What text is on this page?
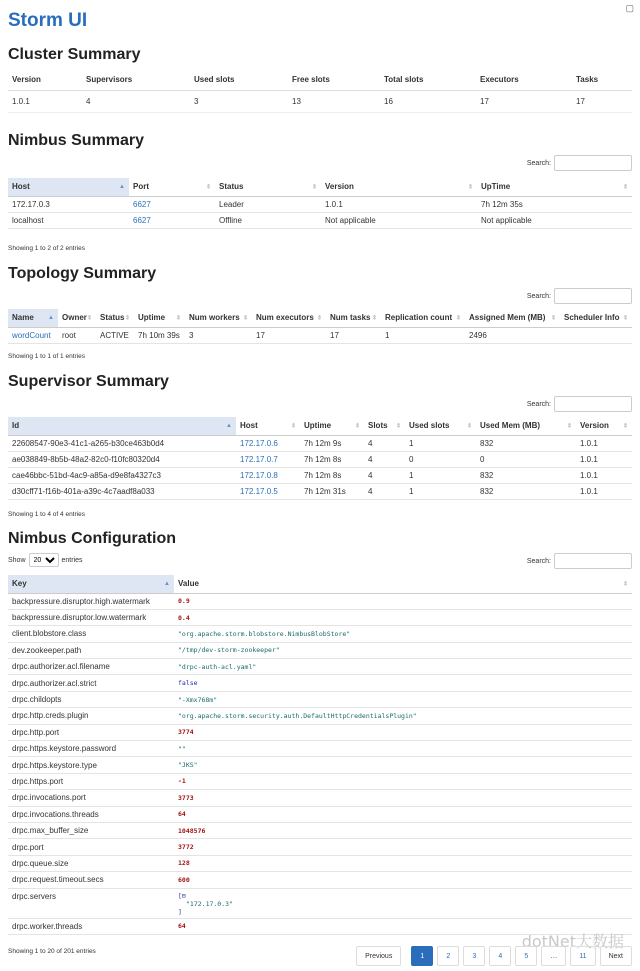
Storm UI
▢
Cluster Summary
Version	Supervisors	Used slots	Free slots	Total slots	Executors	Tasks
1.0.1	4	3	13	16	17	17
Nimbus Summary
Search:
Host ▲	Port ⇕	Status ⇕	Version ⇕	UpTime ⇕

172.17.0.3	6627	Leader	1.0.1	7h 12m 35s
localhost	6627	Offline	Not applicable	Not applicable
Showing 1 to 2 of 2 entries
Topology Summary
Search:
Name ▲	Owner ⇕	Status ⇕	Uptime ⇕	Num workers ⇕	Num executors ⇕	Num tasks ⇕	Replication count ⇕	Assigned Mem (MB) ⇕	Scheduler Info ⇕

wordCount	root	ACTIVE	7h 10m 39s	3	17	17	1	2496	
Showing 1 to 1 of 1 entries
Supervisor Summary
Search:
Id ▲	Host ⇕	Uptime ⇕	Slots ⇕	Used slots ⇕	Used Mem (MB) ⇕	Version ⇕

22608547-90e3-41c1-a265-b30ce463b0d4	172.17.0.6	7h 12m 9s	4	1	832	1.0.1
ae038849-8b5b-48a2-82c0-f10fc80320d4	172.17.0.7	7h 12m 8s	4	0	0	1.0.1
cae46bbc-51bd-4ac9-a85a-d9e8fa4327c3	172.17.0.8	7h 12m 8s	4	1	832	1.0.1
d30cff71-f16b-401a-a39c-4c7aadf8a033	172.17.0.5	7h 12m 31s	4	1	832	1.0.1
Showing 1 to 4 of 4 entries
Nimbus Configuration
Show
20	entries	Search:
Key ▲	Value ⇕

backpressure.disruptor.high.watermark	0.9
backpressure.disruptor.low.watermark	0.4
client.blobstore.class	"org.apache.storm.blobstore.NimbusBlobStore"
dev.zookeeper.path	"/tmp/dev-storm-zookeeper"
drpc.authorizer.acl.filename	"drpc-auth-acl.yaml"
drpc.authorizer.acl.strict	false
drpc.childopts	"-Xmx768m"
drpc.http.creds.plugin	"org.apache.storm.security.auth.DefaultHttpCredentialsPlugin"
drpc.http.port	3774
drpc.https.keystore.password	""
drpc.https.keystore.type	"JKS"
drpc.https.port	-1
drpc.invocations.port	3773
drpc.invocations.threads	64
drpc.max_buffer_size	1048576
drpc.port	3772
drpc.queue.size	128
drpc.request.timeout.secs	600
drpc.servers	[⊟
"172.17.0.3"
]

drpc.worker.threads	64
Showing 1 to 20 of 201 entries
dotNet大数据
Previous	1	2	3	4	5	…	11	Next
